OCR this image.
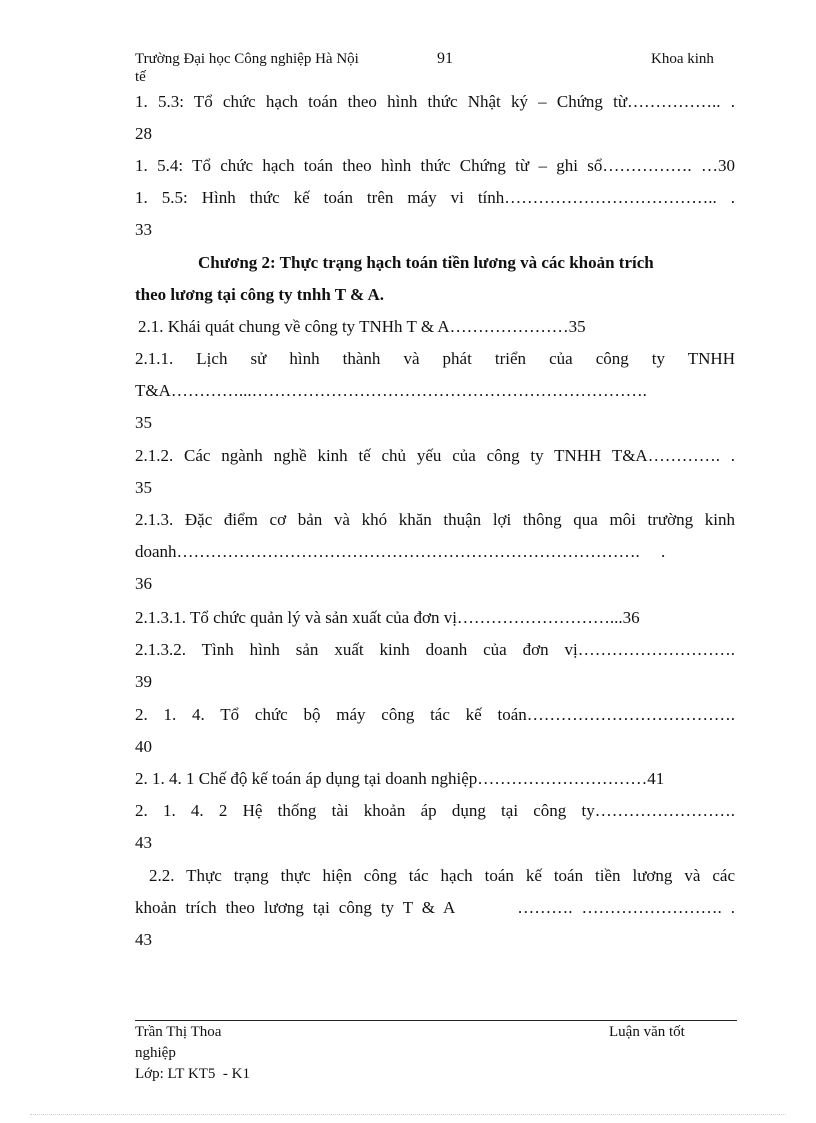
Trường Đại học Công nghiệp Hà Nội	91	Khoa kinh
tế
1. 5.3: Tổ chức hạch toán theo hình thức Nhật ký – Chứng từ…………….. .
28
1. 5.4: Tổ chức hạch toán theo hình thức Chứng từ – ghi sổ……………. …30
1. 5.5: Hình thức kế toán trên máy vi tính……………………………….. .
33
Chương 2: Thực trạng hạch toán tiền lương và các khoản trích
theo lương tại công ty tnhh T & A.
2.1. Khái quát chung về công ty TNHh T & A…………………35
2.1.1. Lịch sử hình thành và phát triển của công ty TNHH
T&A…………...…………………………………………………………….
35
2.1.2. Các ngành nghề kinh tế chủ yếu của công ty TNHH T&A…………. .
35
2.1.3. Đặc điểm cơ bản và khó khăn thuận lợi thông qua môi trường kinh
doanh……………………………………………………………………….     .
36
2.1.3.1. Tổ chức quản lý và sản xuất của đơn vị………………………...36
2.1.3.2. Tình hình sản xuất kinh doanh của đơn vị……………………….
39
2. 1. 4. Tổ chức bộ máy công tác kế toán……………………………….
40
2. 1. 4. 1 Chế độ kế toán áp dụng tại doanh nghiệp…………………………41
2. 1. 4. 2 Hệ thống tài khoản áp dụng tại công ty…………………….
43
2.2. Thực trạng thực hiện công tác hạch toán kế toán tiền lương và các
khoản trích theo lương tại công ty T & A       ………. ……………………. .
43
Trần Thị Thoa	Luận văn tốt
nghiệp
Lớp: LT KT5  - K1
